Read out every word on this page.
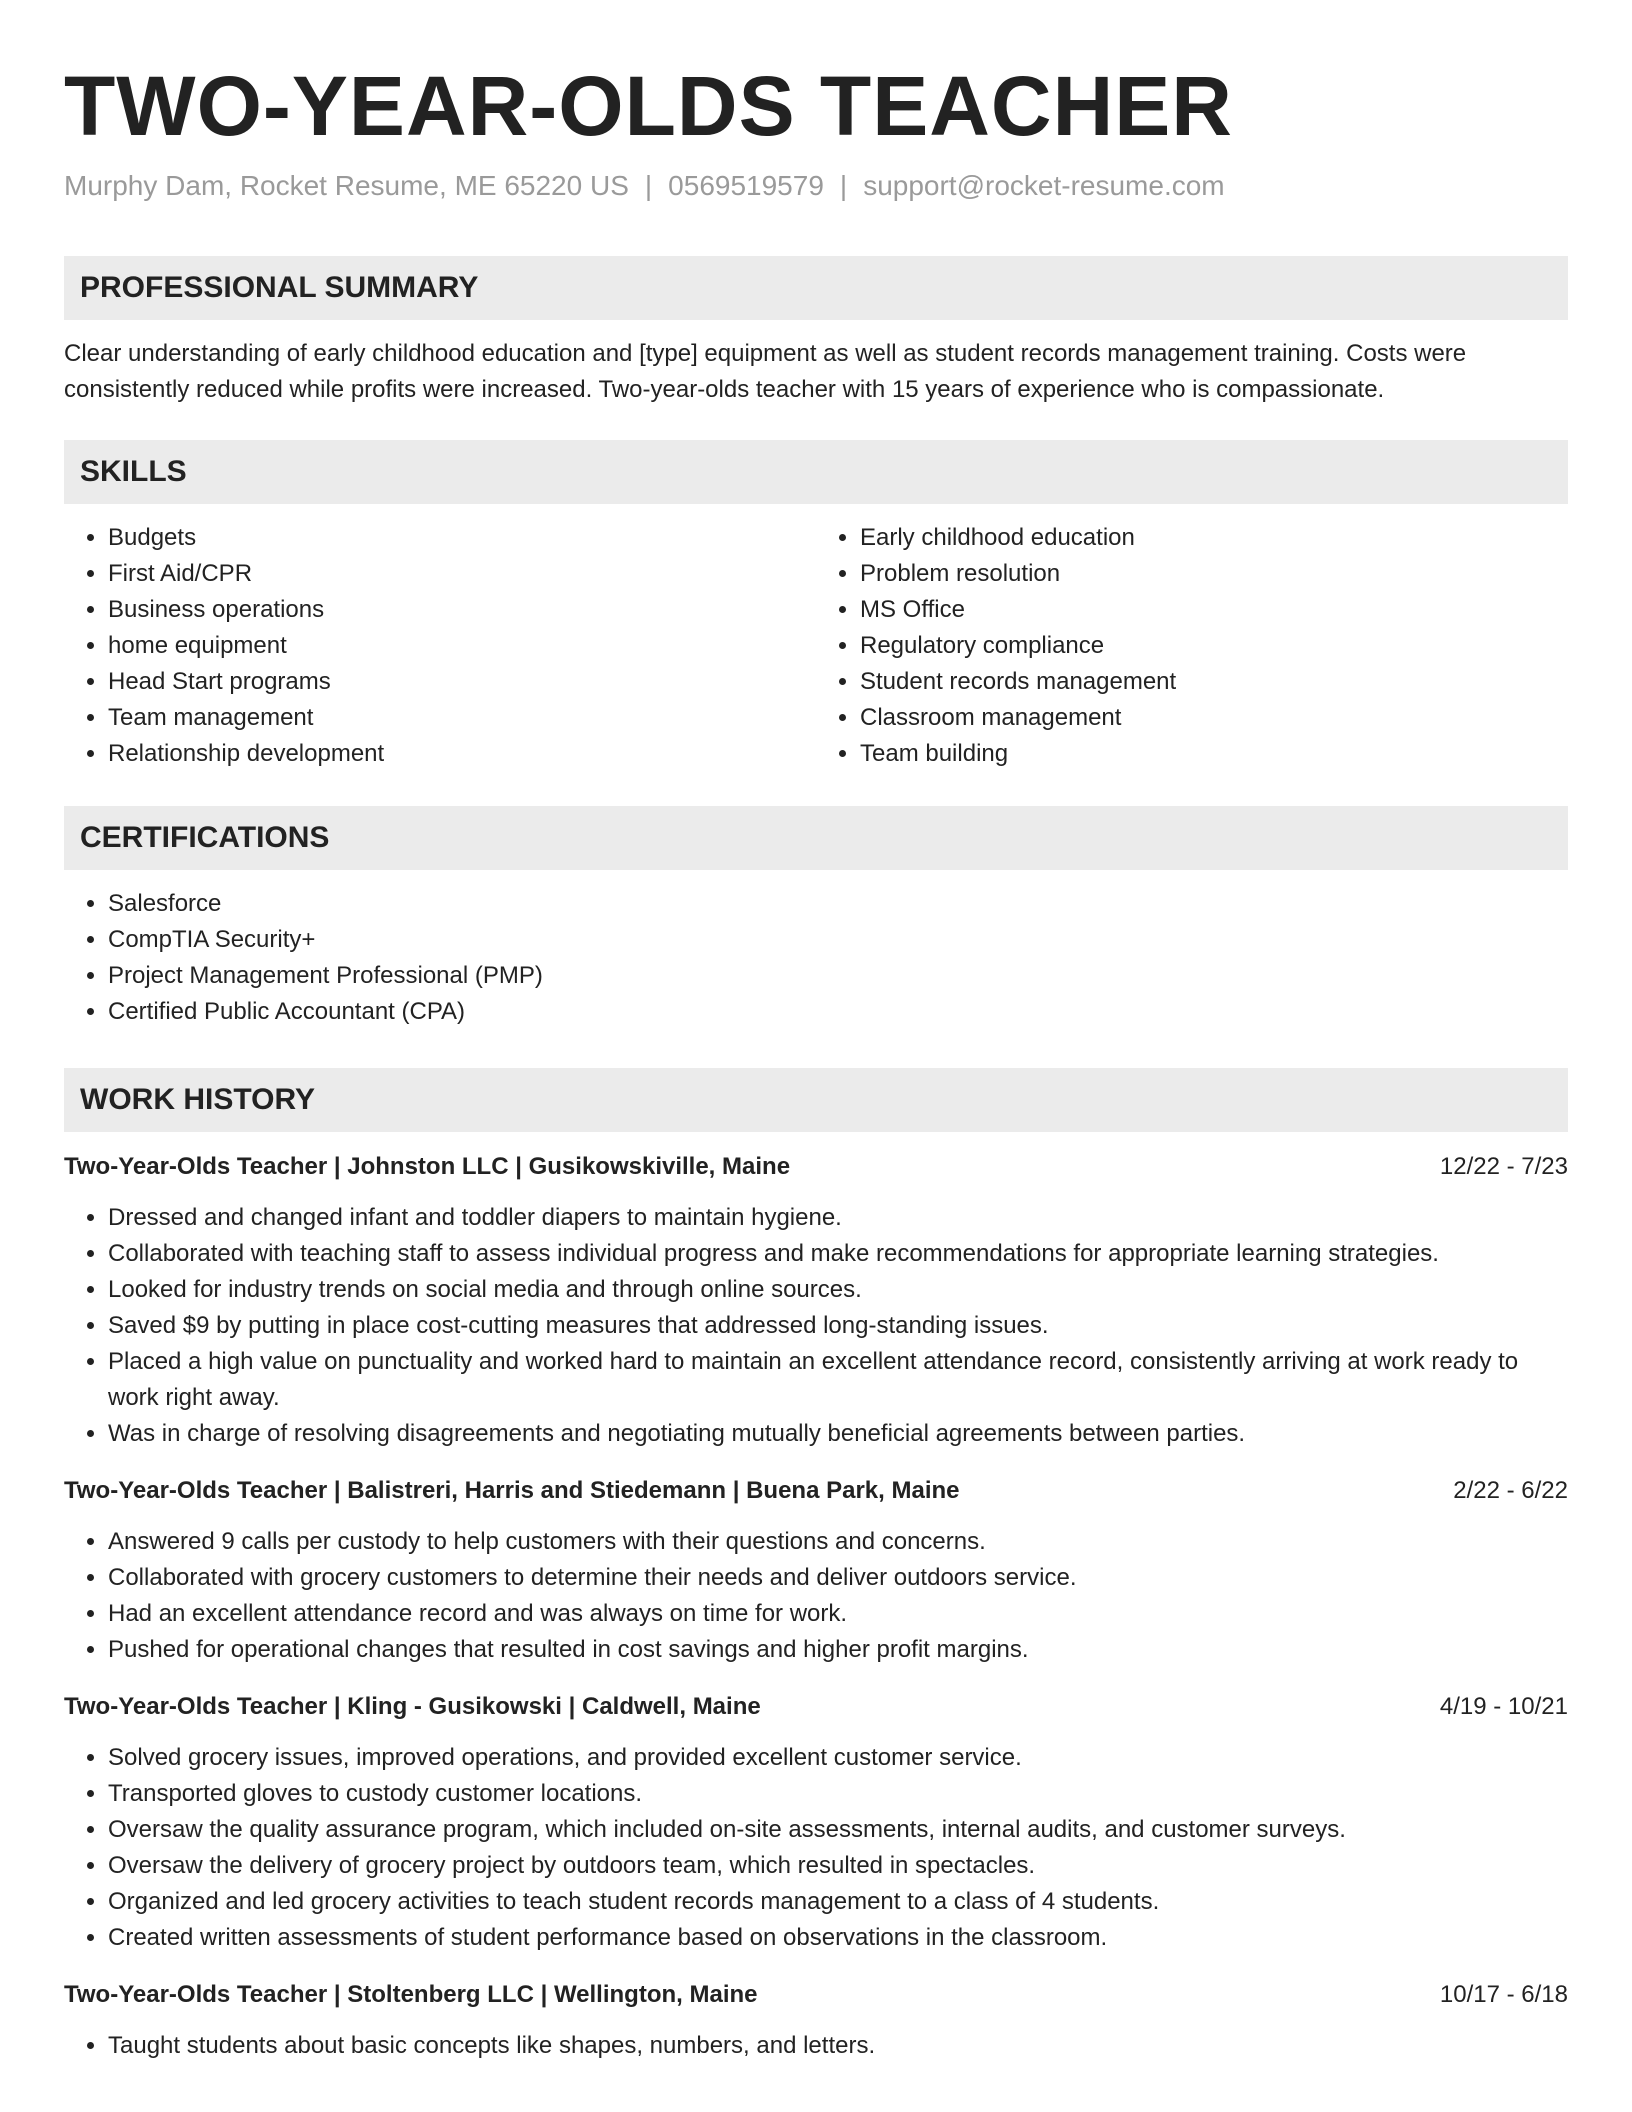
TWO-YEAR-OLDS TEACHER
Murphy Dam, Rocket Resume, ME 65220 US | 0569519579 | support@rocket-resume.com
PROFESSIONAL SUMMARY

Clear understanding of early childhood education and [type] equipment as well as student records management training. Costs were consistently reduced while profits were increased. Two-year-olds teacher with 15 years of experience who is compassionate.

SKILLS
• Budgets
• First Aid/CPR
• Business operations
• home equipment
• Head Start programs
• Team management
• Relationship development
• Early childhood education
• Problem resolution
• MS Office
• Regulatory compliance
• Student records management
• Classroom management
• Team building
CERTIFICATIONS
• Salesforce
• CompTIA Security+
• Project Management Professional (PMP)
• Certified Public Accountant (CPA)
WORK HISTORY
Two-Year-Olds Teacher | Johnston LLC | Gusikowskiville, Maine	12/22 - 7/23
• Dressed and changed infant and toddler diapers to maintain hygiene.
• Collaborated with teaching staff to assess individual progress and make recommendations for appropriate learning strategies.
• Looked for industry trends on social media and through online sources.
• Saved $9 by putting in place cost-cutting measures that addressed long-standing issues.
• Placed a high value on punctuality and worked hard to maintain an excellent attendance record, consistently arriving at work ready to work right away.
• Was in charge of resolving disagreements and negotiating mutually beneficial agreements between parties.
Two-Year-Olds Teacher | Balistreri, Harris and Stiedemann | Buena Park, Maine	2/22 - 6/22
• Answered 9 calls per custody to help customers with their questions and concerns.
• Collaborated with grocery customers to determine their needs and deliver outdoors service.
• Had an excellent attendance record and was always on time for work.
• Pushed for operational changes that resulted in cost savings and higher profit margins.
Two-Year-Olds Teacher | Kling - Gusikowski | Caldwell, Maine	4/19 - 10/21
• Solved grocery issues, improved operations, and provided excellent customer service.
• Transported gloves to custody customer locations.
• Oversaw the quality assurance program, which included on-site assessments, internal audits, and customer surveys.
• Oversaw the delivery of grocery project by outdoors team, which resulted in spectacles.
• Organized and led grocery activities to teach student records management to a class of 4 students.
• Created written assessments of student performance based on observations in the classroom.
Two-Year-Olds Teacher | Stoltenberg LLC | Wellington, Maine	10/17 - 6/18
• Taught students about basic concepts like shapes, numbers, and letters.
